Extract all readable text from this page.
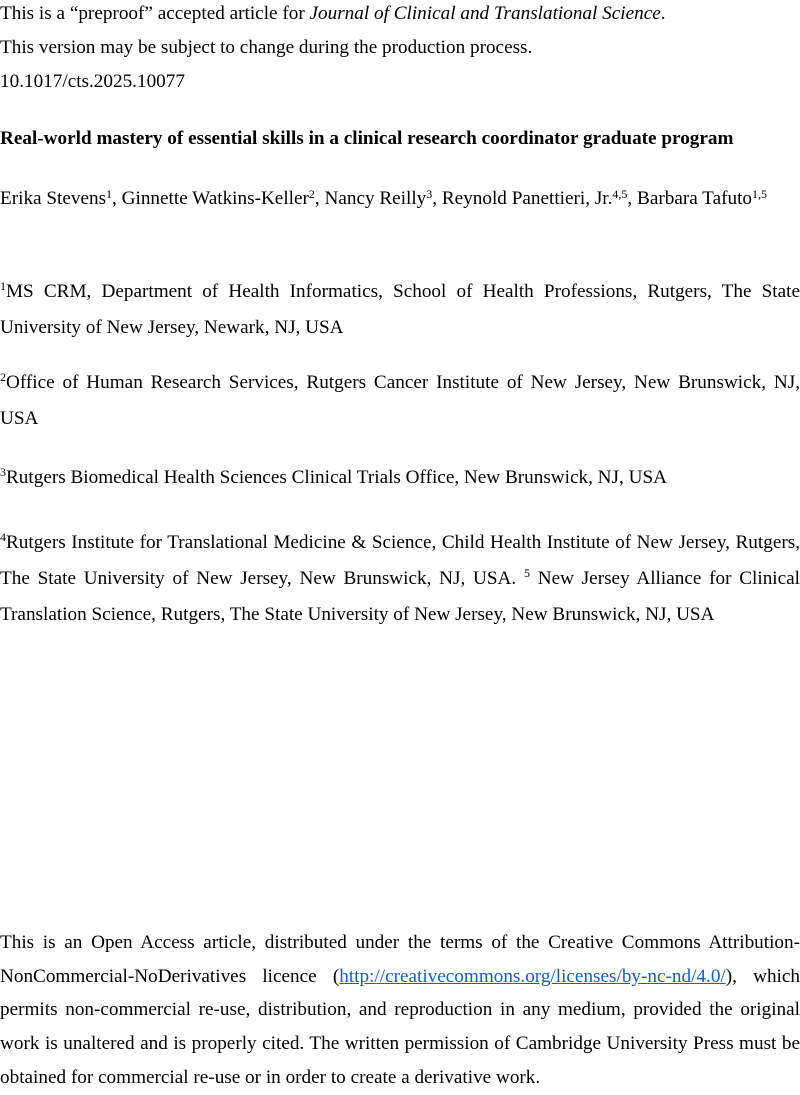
This is a “preproof” accepted article for Journal of Clinical and Translational Science.
This version may be subject to change during the production process.
10.1017/cts.2025.10077
Real-world mastery of essential skills in a clinical research coordinator graduate program
Erika Stevens$^1$, Ginnette Watkins-Keller$^2$, Nancy Reilly$^3$, Reynold Panettieri, Jr.$^{4,5}$, Barbara Tafuto$^{1,5}$
$^1$MS CRM, Department of Health Informatics, School of Health Professions, Rutgers, The State University of New Jersey, Newark, NJ, USA
$^2$Office of Human Research Services, Rutgers Cancer Institute of New Jersey, New Brunswick, NJ, USA
$^3$Rutgers Biomedical Health Sciences Clinical Trials Office, New Brunswick, NJ, USA
$^4$Rutgers Institute for Translational Medicine & Science, Child Health Institute of New Jersey, Rutgers, The State University of New Jersey, New Brunswick, NJ, USA. $^5$ New Jersey Alliance for Clinical Translation Science, Rutgers, The State University of New Jersey, New Brunswick, NJ, USA
This is an Open Access article, distributed under the terms of the Creative Commons Attribution-NonCommercial-NoDerivatives licence (http://creativecommons.org/licenses/by-nc-nd/4.0/), which permits non-commercial re-use, distribution, and reproduction in any medium, provided the original work is unaltered and is properly cited. The written permission of Cambridge University Press must be obtained for commercial re-use or in order to create a derivative work.
